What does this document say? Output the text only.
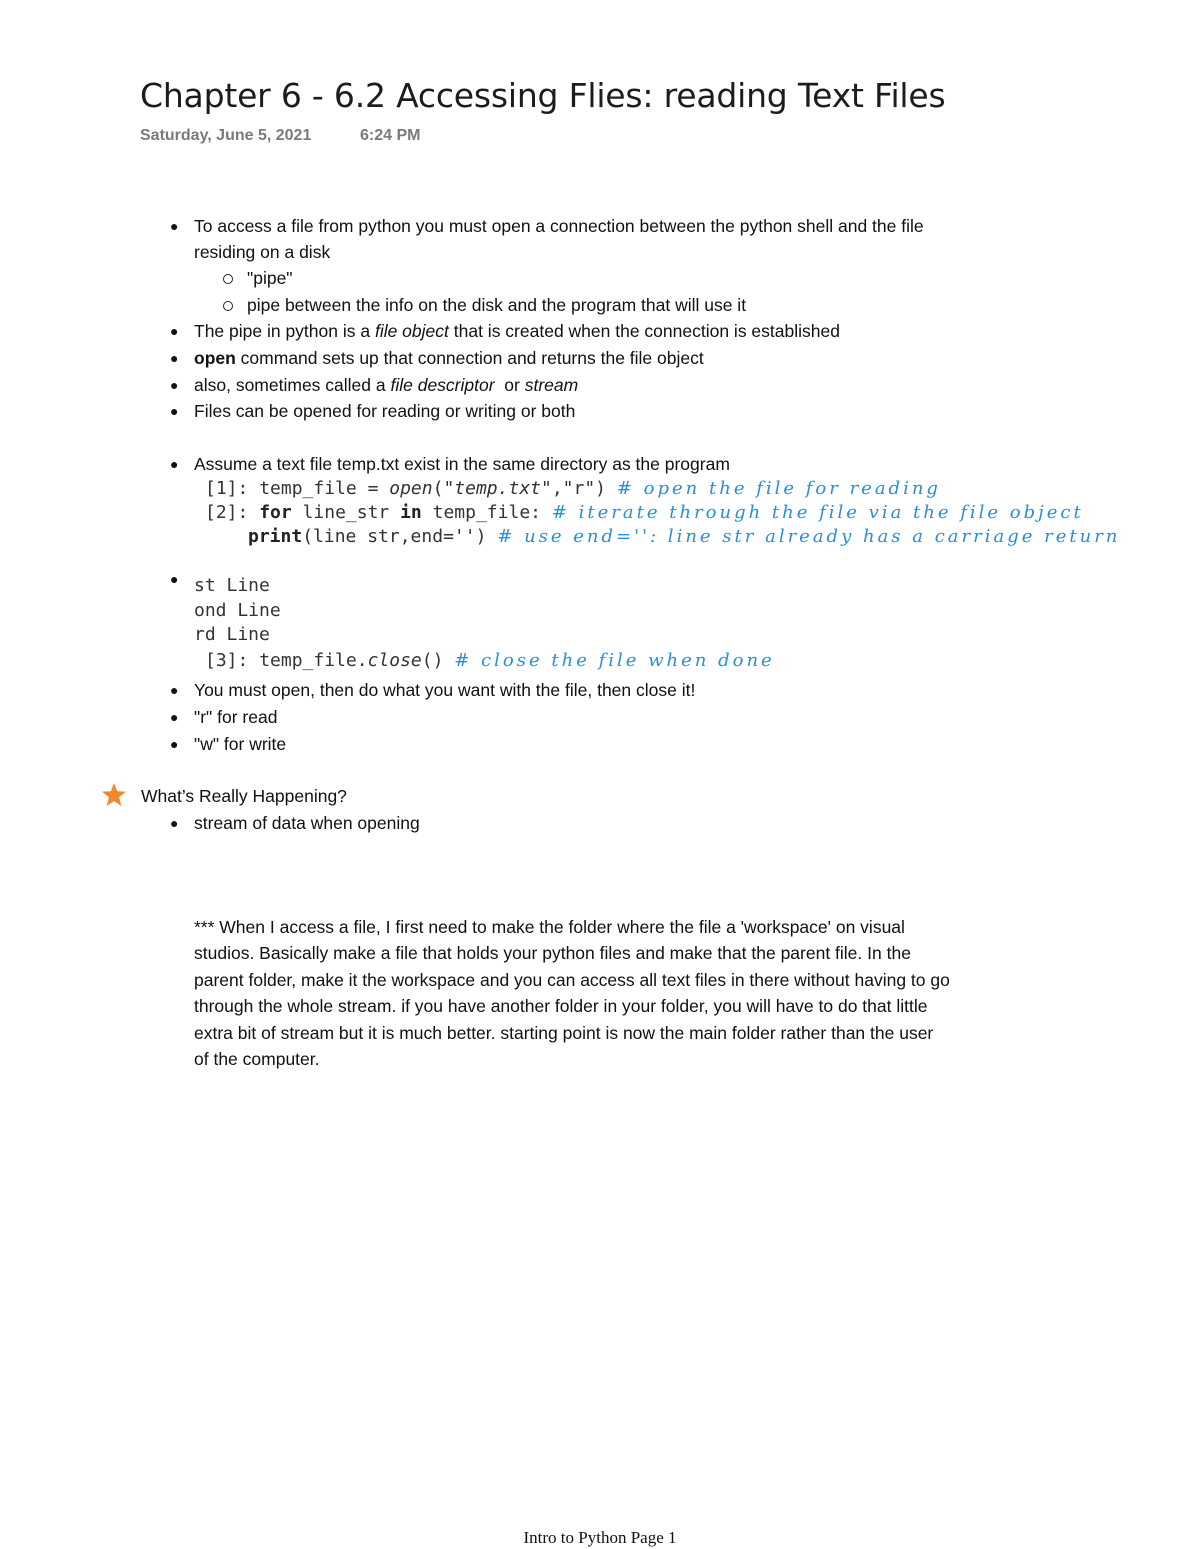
Chapter 6 - 6.2 Accessing Flies: reading Text Files
Saturday, June 5, 2021	6:24 PM
● To access a file from python you must open a connection between the python shell and the file
residing on a disk
"pipe"
pipe between the info on the disk and the program that will use it
● The pipe in python is a file object that is created when the connection is established
● open command sets up that connection and returns the file object
● also, sometimes called a file descriptor  or stream
● Files can be opened for reading or writing or both
● Assume a text file temp.txt exist in the same directory as the program
[1]: temp_file = open("temp.txt","r") # open the file for reading
[2]: for line_str in temp_file: # iterate through the file via the file object
print(line str,end='') # use end='': line str already has a carriage return
● st Line
ond Line
rd Line
[3]: temp_file.close() # close the file when done
● You must open, then do what you want with the file, then close it!
● "r" for read
● "w" for write
What’s Really Happening?
● stream of data when opening
*** When I access a file, I first need to make the folder where the file a 'workspace' on visual
studios. Basically make a file that holds your python files and make that the parent file. In the
parent folder, make it the workspace and you can access all text files in there without having to go
through the whole stream. if you have another folder in your folder, you will have to do that little
extra bit of stream but it is much better. starting point is now the main folder rather than the user
of the computer.
Intro to Python Page 1
